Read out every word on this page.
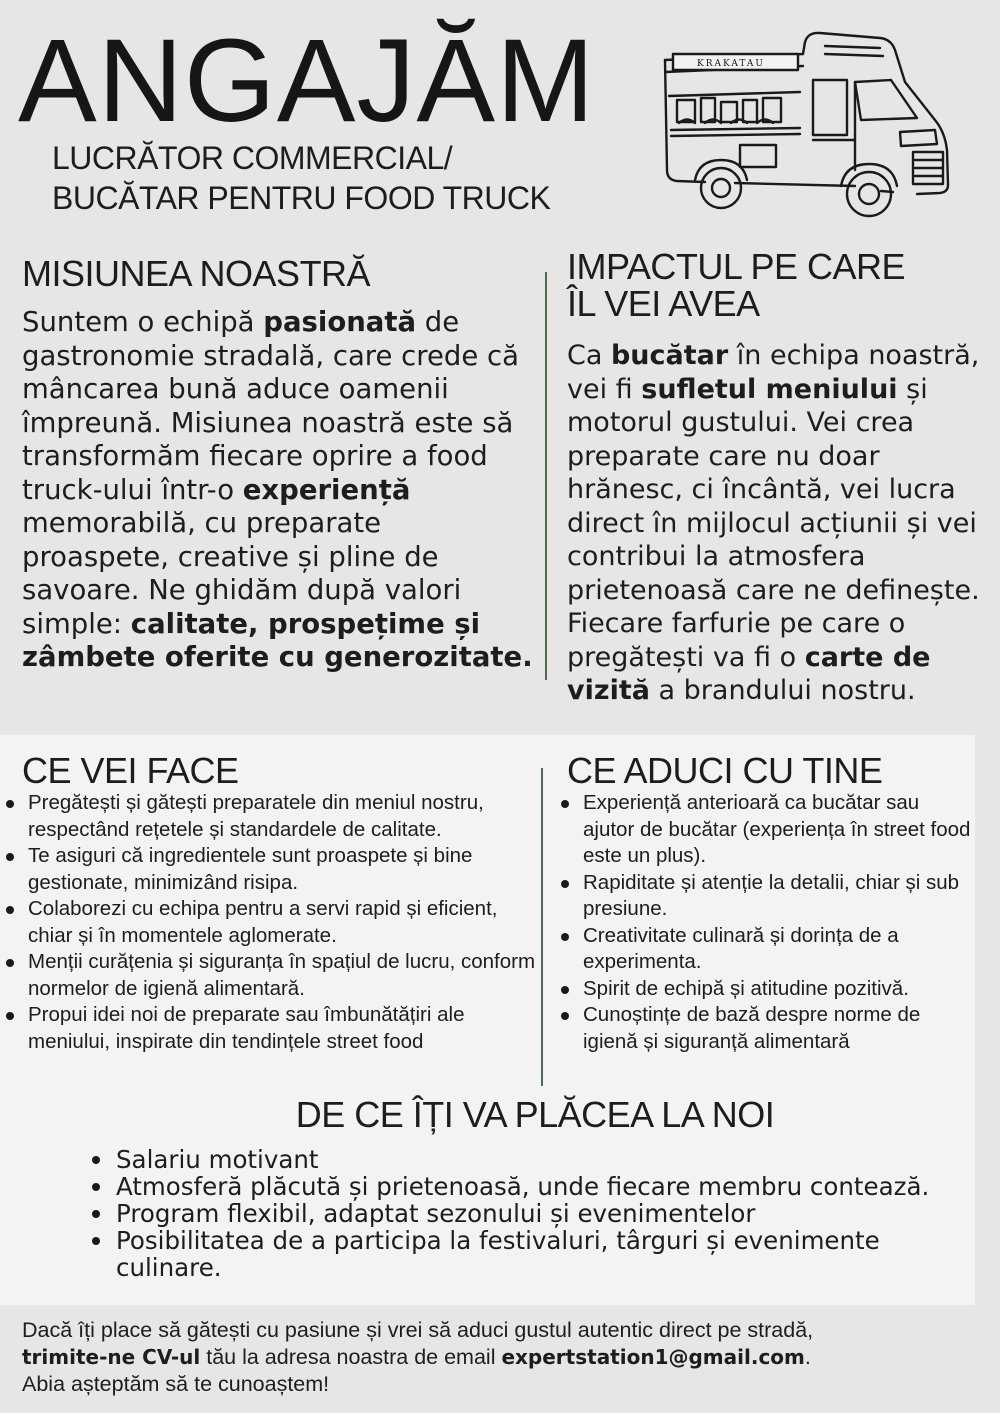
ANGAJĂM
LUCRĂTOR COMMERCIAL/
BUCĂTAR PENTRU FOOD TRUCK
KRAKATAU
MISIUNEA NOASTRĂ

Suntem o echipă pasionată de gastronomie stradală, care crede că mâncarea bună aduce oamenii împreună. Misiunea noastră este să transformăm fiecare oprire a food truck-ului într-o experiență memorabilă, cu preparate proaspete, creative și pline de savoare. Ne ghidăm după valori simple: calitate, prospețime și zâmbete oferite cu generozitate.

IMPACTUL PE CARE
ÎL VEI AVEA

Ca bucătar în echipa noastră, vei fi sufletul meniului și motorul gustului. Vei crea preparate care nu doar hrănesc, ci încântă, vei lucra direct în mijlocul acțiunii și vei contribui la atmosfera prietenoasă care ne definește. Fiecare farfurie pe care o pregătești va fi o carte de vizită a brandului nostru.

CE VEI FACE
Pregătești și gătești preparatele din meniul nostru, respectând rețetele și standardele de calitate.
Te asiguri că ingredientele sunt proaspete și bine gestionate, minimizând risipa.
Colaborezi cu echipa pentru a servi rapid și eficient, chiar și în momentele aglomerate.
Menții curățenia și siguranța în spațiul de lucru, conform normelor de igienă alimentară.
Propui idei noi de preparate sau îmbunătățiri ale meniului, inspirate din tendințele street food
CE ADUCI CU TINE
Experiență anterioară ca bucătar sau ajutor de bucătar (experiența în street food este un plus).
Rapiditate și atenție la detalii, chiar și sub presiune.
Creativitate culinară și dorința de a experimenta.
Spirit de echipă și atitudine pozitivă.
Cunoștințe de bază despre norme de igienă și siguranță alimentară
DE CE ÎȚI VA PLĂCEA LA NOI
Salariu motivant
Atmosferă plăcută și prietenoasă, unde fiecare membru contează.
Program flexibil, adaptat sezonului și evenimentelor
Posibilitatea de a participa la festivaluri, târguri și evenimente culinare.

Dacă îți place să gătești cu pasiune și vrei să aduci gustul autentic direct pe stradă,

trimite-ne CV-ul tău la adresa noastra de email expertstation1@gmail.com.

Abia așteptăm să te cunoaștem!
